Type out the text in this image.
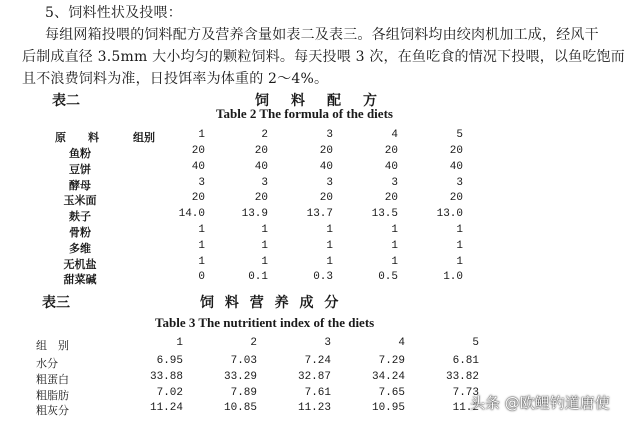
5、饲料性状及投喂：
每组网箱投喂的饲料配方及营养含量如表二及表三。各组饲料均由绞肉机加工成，经风干
后制成直径 3.5mm 大小均匀的颗粒饲料。每天投喂 3 次，在鱼吃食的情况下投喂，以鱼吃饱而
且不浪费饲料为准，日投饵率为体重的 2～4%。
表二	饲　料　配　方
Table 2 The formula of the diets
原　　料	组别	1	2	3	4	5
鱼粉	20	20	20	20	20
豆饼	40	40	40	40	40
酵母	3	3	3	3	3
玉米面	20	20	20	20	20
麸子	14.0	13.9	13.7	13.5	13.0
骨粉	1	1	1	1	1
多维	1	1	1	1	1
无机盐	1	1	1	1	1
甜菜碱	0	0.1	0.3	0.5	1.0
表三	饲 料 营 养 成 分
Table 3 The nutritient index of the diets
组　别	1	2	3	4	5
水分	6.95	7.03	7.24	7.29	6.81
粗蛋白	33.88	33.29	32.87	34.24	33.82
粗脂肪	7.02	7.89	7.61	7.65	7.73
粗灰分	11.24	10.85	11.23	10.95	11.2
头条 @欧鲤钓道唐使
